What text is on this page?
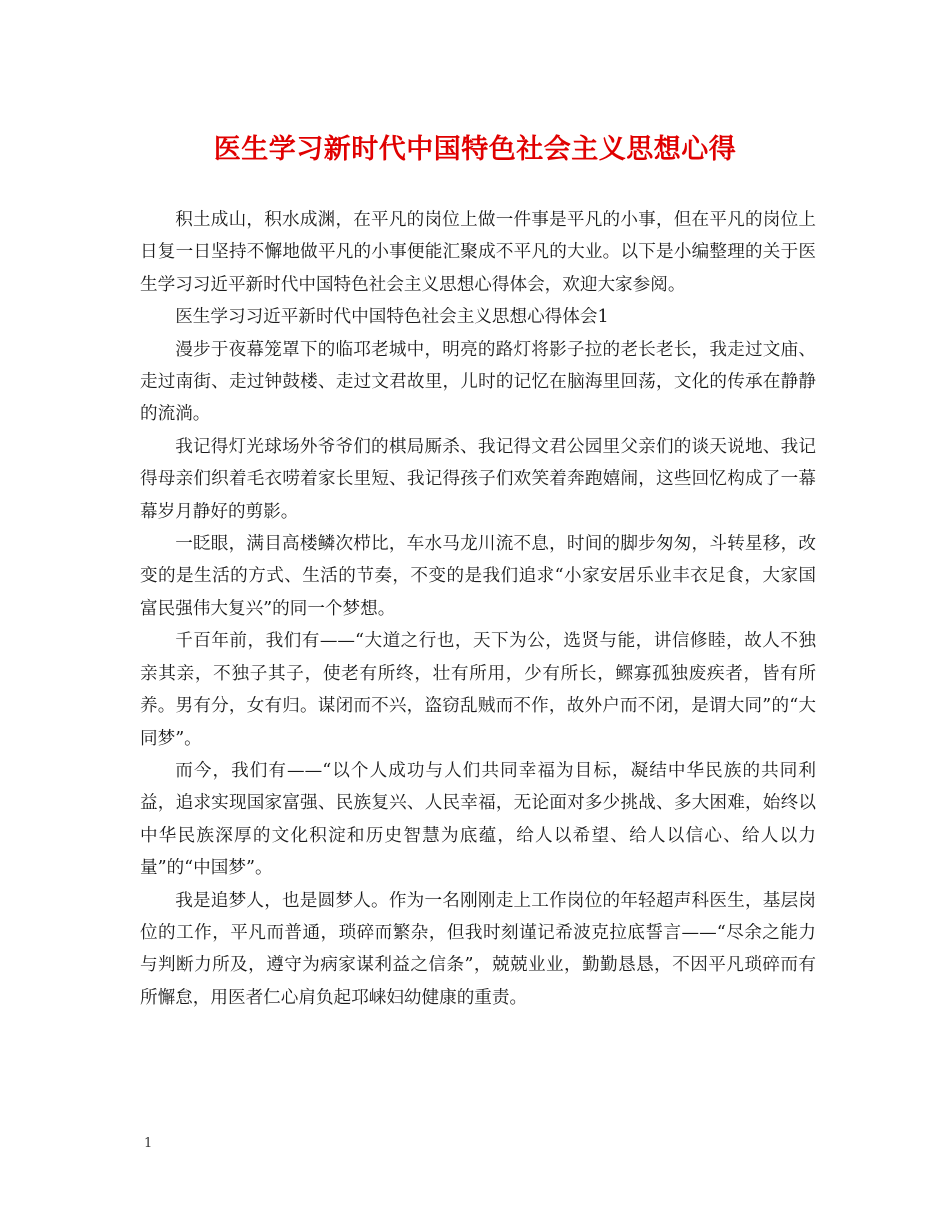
医生学习新时代中国特色社会主义思想心得

积土成山，积水成渊，在平凡的岗位上做一件事是平凡的小事，但在平凡的岗位上日复一日坚持不懈地做平凡的小事便能汇聚成不平凡的大业。以下是小编整理的关于医生学习习近平新时代中国特色社会主义思想心得体会，欢迎大家参阅。

医生学习习近平新时代中国特色社会主义思想心得体会1

漫步于夜幕笼罩下的临邛老城中，明亮的路灯将影子拉的老长老长，我走过文庙、走过南街、走过钟鼓楼、走过文君故里，儿时的记忆在脑海里回荡，文化的传承在静静的流淌。

我记得灯光球场外爷爷们的棋局厮杀、我记得文君公园里父亲们的谈天说地、我记得母亲们织着毛衣唠着家长里短、我记得孩子们欢笑着奔跑嬉闹，这些回忆构成了一幕幕岁月静好的剪影。

一眨眼，满目高楼鳞次栉比，车水马龙川流不息，时间的脚步匆匆，斗转星移，改变的是生活的方式、生活的节奏，不变的是我们追求“小家安居乐业丰衣足食，大家国富民强伟大复兴”的同一个梦想。

千百年前，我们有——“大道之行也，天下为公，选贤与能，讲信修睦，故人不独亲其亲，不独子其子，使老有所终，壮有所用，少有所长，鳏寡孤独废疾者，皆有所养。男有分，女有归。谋闭而不兴，盗窃乱贼而不作，故外户而不闭，是谓大同”的“大同梦”。

而今，我们有——“以个人成功与人们共同幸福为目标，凝结中华民族的共同利益，追求实现国家富强、民族复兴、人民幸福，无论面对多少挑战、多大困难，始终以中华民族深厚的文化积淀和历史智慧为底蕴，给人以希望、给人以信心、给人以力量”的“中国梦”。

我是追梦人，也是圆梦人。作为一名刚刚走上工作岗位的年轻超声科医生，基层岗位的工作，平凡而普通，琐碎而繁杂，但我时刻谨记希波克拉底誓言——“尽余之能力与判断力所及，遵守为病家谋利益之信条”，兢兢业业，勤勤恳恳，不因平凡琐碎而有所懈怠，用医者仁心肩负起邛崃妇幼健康的重责。

1
